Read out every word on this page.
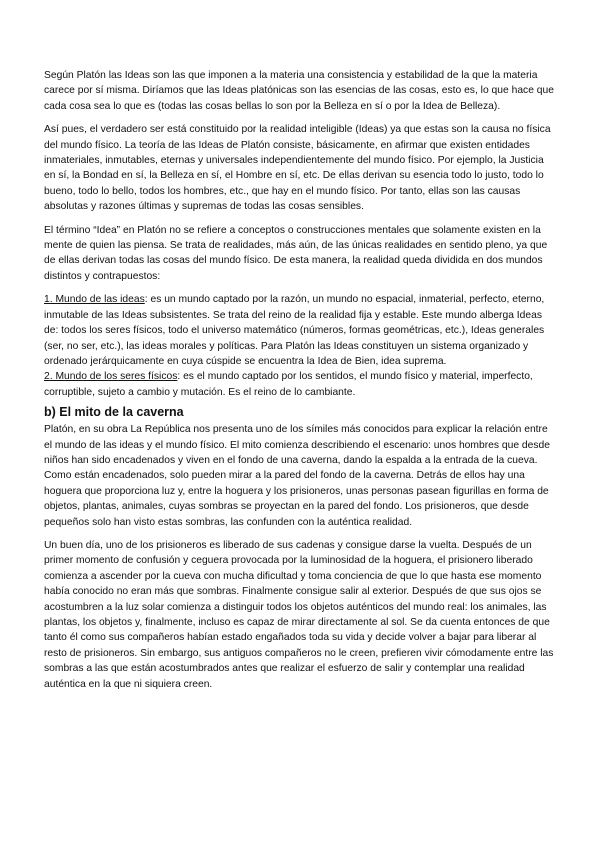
Según Platón las Ideas son las que imponen a la materia una consistencia y estabilidad de la que la materia carece por sí misma. Diríamos que las Ideas platónicas son las esencias de las cosas, esto es, lo que hace que cada cosa sea lo que es (todas las cosas bellas lo son por la Belleza en sí o por la Idea de Belleza).

Así pues, el verdadero ser está constituido por la realidad inteligible (Ideas) ya que estas son la causa no física del mundo físico. La teoría de las Ideas de Platón consiste, básicamente, en afirmar que existen entidades inmateriales, inmutables, eternas y universales independientemente del mundo físico. Por ejemplo, la Justicia en sí, la Bondad en sí, la Belleza en sí, el Hombre en sí, etc. De ellas derivan su esencia todo lo justo, todo lo bueno, todo lo bello, todos los hombres, etc., que hay en el mundo físico. Por tanto, ellas son las causas absolutas y razones últimas y supremas de todas las cosas sensibles.

El término “Idea” en Platón no se refiere a conceptos o construcciones mentales que solamente existen en la mente de quien las piensa. Se trata de realidades, más aún, de las únicas realidades en sentido pleno, ya que de ellas derivan todas las cosas del mundo físico. De esta manera, la realidad queda dividida en dos mundos distintos y contrapuestos:

1. Mundo de las ideas: es un mundo captado por la razón, un mundo no espacial, inmaterial, perfecto, eterno, inmutable de las Ideas subsistentes. Se trata del reino de la realidad fija y estable. Este mundo alberga Ideas de: todos los seres físicos, todo el universo matemático (números, formas geométricas, etc.), Ideas generales (ser, no ser, etc.), las ideas morales y políticas. Para Platón las Ideas constituyen un sistema organizado y ordenado jerárquicamente en cuya cúspide se encuentra la Idea de Bien, idea suprema.

2. Mundo de los seres físicos: es el mundo captado por los sentidos, el mundo físico y material, imperfecto, corruptible, sujeto a cambio y mutación. Es el reino de lo cambiante.

b) El mito de la caverna

Platón, en su obra La República nos presenta uno de los símiles más conocidos para explicar la relación entre el mundo de las ideas y el mundo físico. El mito comienza describiendo el escenario: unos hombres que desde niños han sido encadenados y viven en el fondo de una caverna, dando la espalda a la entrada de la cueva. Como están encadenados, solo pueden mirar a la pared del fondo de la caverna. Detrás de ellos hay una hoguera que proporciona luz y, entre la hoguera y los prisioneros, unas personas pasean figurillas en forma de objetos, plantas, animales, cuyas sombras se proyectan en la pared del fondo. Los prisioneros, que desde pequeños solo han visto estas sombras, las confunden con la auténtica realidad.

Un buen día, uno de los prisioneros es liberado de sus cadenas y consigue darse la vuelta. Después de un primer momento de confusión y ceguera provocada por la luminosidad de la hoguera, el prisionero liberado comienza a ascender por la cueva con mucha dificultad y toma conciencia de que lo que hasta ese momento había conocido no eran más que sombras. Finalmente consigue salir al exterior. Después de que sus ojos se acostumbren a la luz solar comienza a distinguir todos los objetos auténticos del mundo real: los animales, las plantas, los objetos y, finalmente, incluso es capaz de mirar directamente al sol. Se da cuenta entonces de que tanto él como sus compañeros habían estado engañados toda su vida y decide volver a bajar para liberar al resto de prisioneros. Sin embargo, sus antiguos compañeros no le creen, prefieren vivir cómodamente entre las sombras a las que están acostumbrados antes que realizar el esfuerzo de salir y contemplar una realidad auténtica en la que ni siquiera creen.
